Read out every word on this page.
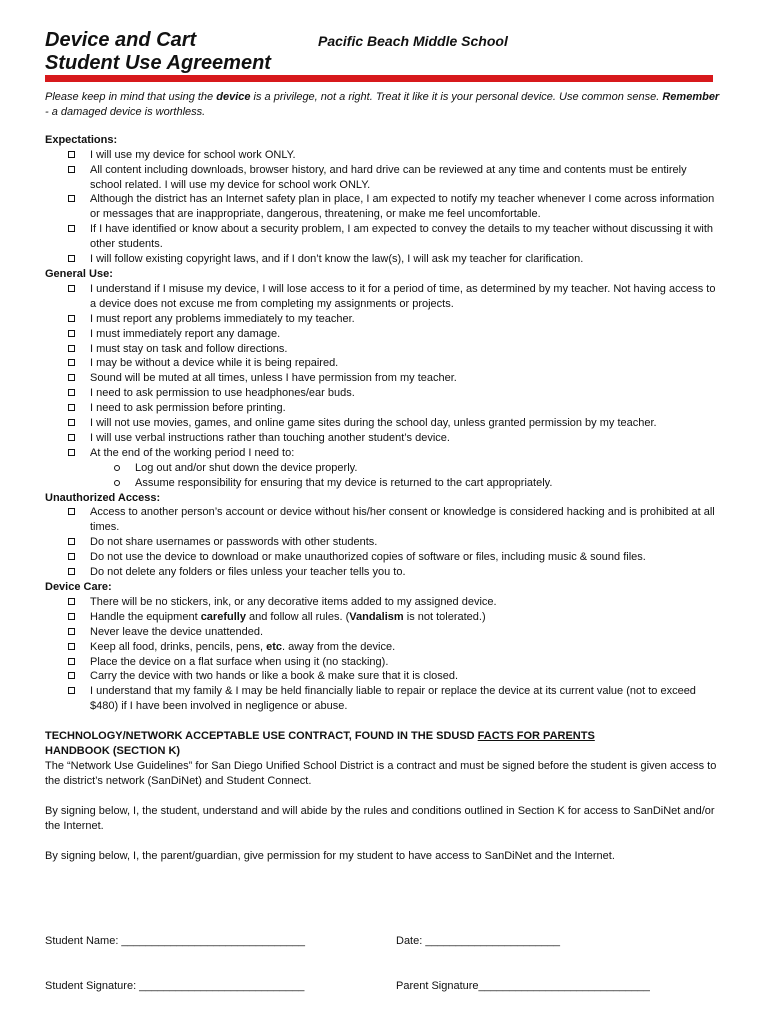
Device and Cart
Student Use Agreement
Pacific Beach Middle School

Please keep in mind that using the device is a privilege, not a right. Treat it like it is your personal device. Use common sense. Remember - a damaged device is worthless.

Expectations:

I will use my device for school work ONLY.
All content including downloads, browser history, and hard drive can be reviewed at any time and contents must be entirely school related. I will use my device for school work ONLY.
Although the district has an Internet safety plan in place, I am expected to notify my teacher whenever I come across information or messages that are inappropriate, dangerous, threatening, or make me feel uncomfortable.
If I have identified or know about a security problem, I am expected to convey the details to my teacher without discussing it with other students.
I will follow existing copyright laws, and if I don’t know the law(s), I will ask my teacher for clarification.

General Use:

I understand if I misuse my device, I will lose access to it for a period of time, as determined by my teacher. Not having access to a device does not excuse me from completing my assignments or projects.
I must report any problems immediately to my teacher.
I must immediately report any damage.
I must stay on task and follow directions.
I may be without a device while it is being repaired.
Sound will be muted at all times, unless I have permission from my teacher.
I need to ask permission to use headphones/ear buds.
I need to ask permission before printing.
I will not use movies, games, and online game sites during the school day, unless granted permission by my teacher.
I will use verbal instructions rather than touching another student’s device.
At the end of the working period I need to:
Log out and/or shut down the device properly.
Assume responsibility for ensuring that my device is returned to the cart appropriately.

Unauthorized Access:

Access to another person’s account or device without his/her consent or knowledge is considered hacking and is prohibited at all times.
Do not share usernames or passwords with other students.
Do not use the device to download or make unauthorized copies of software or files, including music & sound files.
Do not delete any folders or files unless your teacher tells you to.

Device Care:

There will be no stickers, ink, or any decorative items added to my assigned device.
Handle the equipment carefully and follow all rules. (Vandalism is not tolerated.)
Never leave the device unattended.
Keep all food, drinks, pencils, pens, etc. away from the device.
Place the device on a flat surface when using it (no stacking).
Carry the device with two hands or like a book & make sure that it is closed.
I understand that my family & I may be held financially liable to repair or replace the device at its current value (not to exceed $480) if I have been involved in negligence or abuse.

TECHNOLOGY/NETWORK ACCEPTABLE USE CONTRACT, FOUND IN THE SDUSD FACTS FOR PARENTS
HANDBOOK (SECTION K)

The “Network Use Guidelines” for San Diego Unified School District is a contract and must be signed before the student is given access to the district’s network (SanDiNet) and Student Connect.

By signing below, I, the student, understand and will abide by the rules and conditions outlined in Section K for access to SanDiNet and/or the Internet.

By signing below, I, the parent/guardian, give permission for my student to have access to SanDiNet and the Internet.

Student Name: ______________________________	Date: ______________________
Student Signature: ___________________________	Parent Signature____________________________
